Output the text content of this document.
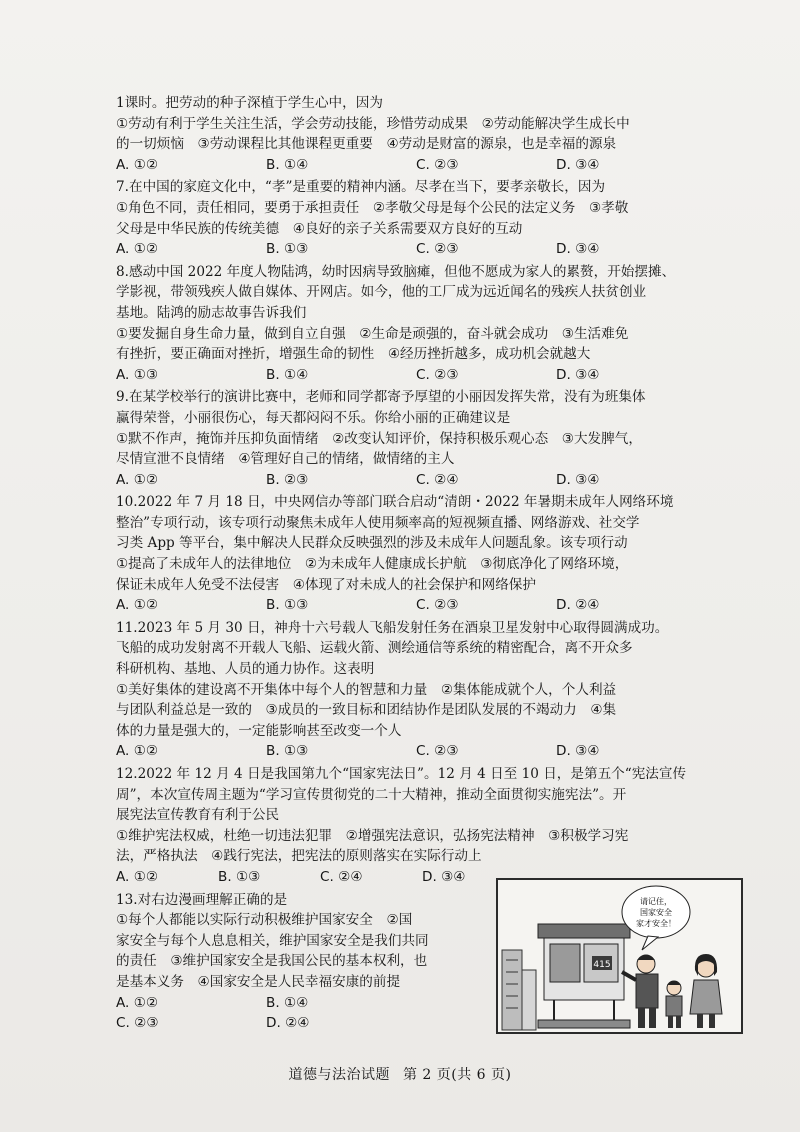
1课时。把劳动的种子深植于学生心中，因为
①劳动有利于学生关注生活，学会劳动技能，珍惜劳动成果　②劳动能解决学生成长中
的一切烦恼　③劳动课程比其他课程更重要　④劳动是财富的源泉，也是幸福的源泉
A. ①②	B. ①④	C. ②③	D. ③④
7.在中国的家庭文化中，“孝”是重要的精神内涵。尽孝在当下，要孝亲敬长，因为
①角色不同，责任相同，要勇于承担责任　②孝敬父母是每个公民的法定义务　③孝敬
父母是中华民族的传统美德　④良好的亲子关系需要双方良好的互动
A. ①②	B. ①③	C. ②③	D. ③④
8.感动中国 2022 年度人物陆鸿，幼时因病导致脑瘫，但他不愿成为家人的累赘，开始摆摊、
学影视，带领残疾人做自媒体、开网店。如今，他的工厂成为远近闻名的残疾人扶贫创业
基地。陆鸿的励志故事告诉我们
①要发掘自身生命力量，做到自立自强　②生命是顽强的，奋斗就会成功　③生活难免
有挫折，要正确面对挫折，增强生命的韧性　④经历挫折越多，成功机会就越大
A. ①③	B. ①④	C. ②③	D. ③④
9.在某学校举行的演讲比赛中，老师和同学都寄予厚望的小丽因发挥失常，没有为班集体
赢得荣誉，小丽很伤心，每天都闷闷不乐。你给小丽的正确建议是
①默不作声，掩饰并压抑负面情绪　②改变认知评价，保持积极乐观心态　③大发脾气，
尽情宣泄不良情绪　④管理好自己的情绪，做情绪的主人
A. ①②	B. ②③	C. ②④	D. ③④
10.2022 年 7 月 18 日，中央网信办等部门联合启动“清朗・2022 年暑期未成年人网络环境
整治”专项行动，该专项行动聚焦未成年人使用频率高的短视频直播、网络游戏、社交学
习类 App 等平台，集中解决人民群众反映强烈的涉及未成年人问题乱象。该专项行动
①提高了未成年人的法律地位　②为未成年人健康成长护航　③彻底净化了网络环境，
保证未成年人免受不法侵害　④体现了对未成人的社会保护和网络保护
A. ①②	B. ①③	C. ②③	D. ②④
11.2023 年 5 月 30 日，神舟十六号载人飞船发射任务在酒泉卫星发射中心取得圆满成功。
飞船的成功发射离不开载人飞船、运载火箭、测绘通信等系统的精密配合，离不开众多
科研机构、基地、人员的通力协作。这表明
①美好集体的建设离不开集体中每个人的智慧和力量　②集体能成就个人，个人利益
与团队利益总是一致的　③成员的一致目标和团结协作是团队发展的不竭动力　④集
体的力量是强大的，一定能影响甚至改变一个人
A. ①②	B. ①③	C. ②③	D. ③④
12.2022 年 12 月 4 日是我国第九个“国家宪法日”。12 月 4 日至 10 日，是第五个“宪法宣传
周”，本次宣传周主题为“学习宣传贯彻党的二十大精神，推动全面贯彻实施宪法”。开
展宪法宣传教育有利于公民
①维护宪法权威，杜绝一切违法犯罪　②增强宪法意识，弘扬宪法精神　③积极学习宪
法，严格执法　④践行宪法，把宪法的原则落实在实际行动上
A. ①②	B. ①③	C. ②④	D. ③④
13.对右边漫画理解正确的是
①每个人都能以实际行动积极维护国家安全　②国
家安全与每个人息息相关，维护国家安全是我们共同
的责任　③维护国家安全是我国公民的基本权利，也
是基本义务　④国家安全是人民幸福安康的前提
A. ①②	B. ①④
C. ②③	D. ②④
415
请记住，
国家安全
家才安全！
道德与法治试题 第 2 页(共 6 页)
